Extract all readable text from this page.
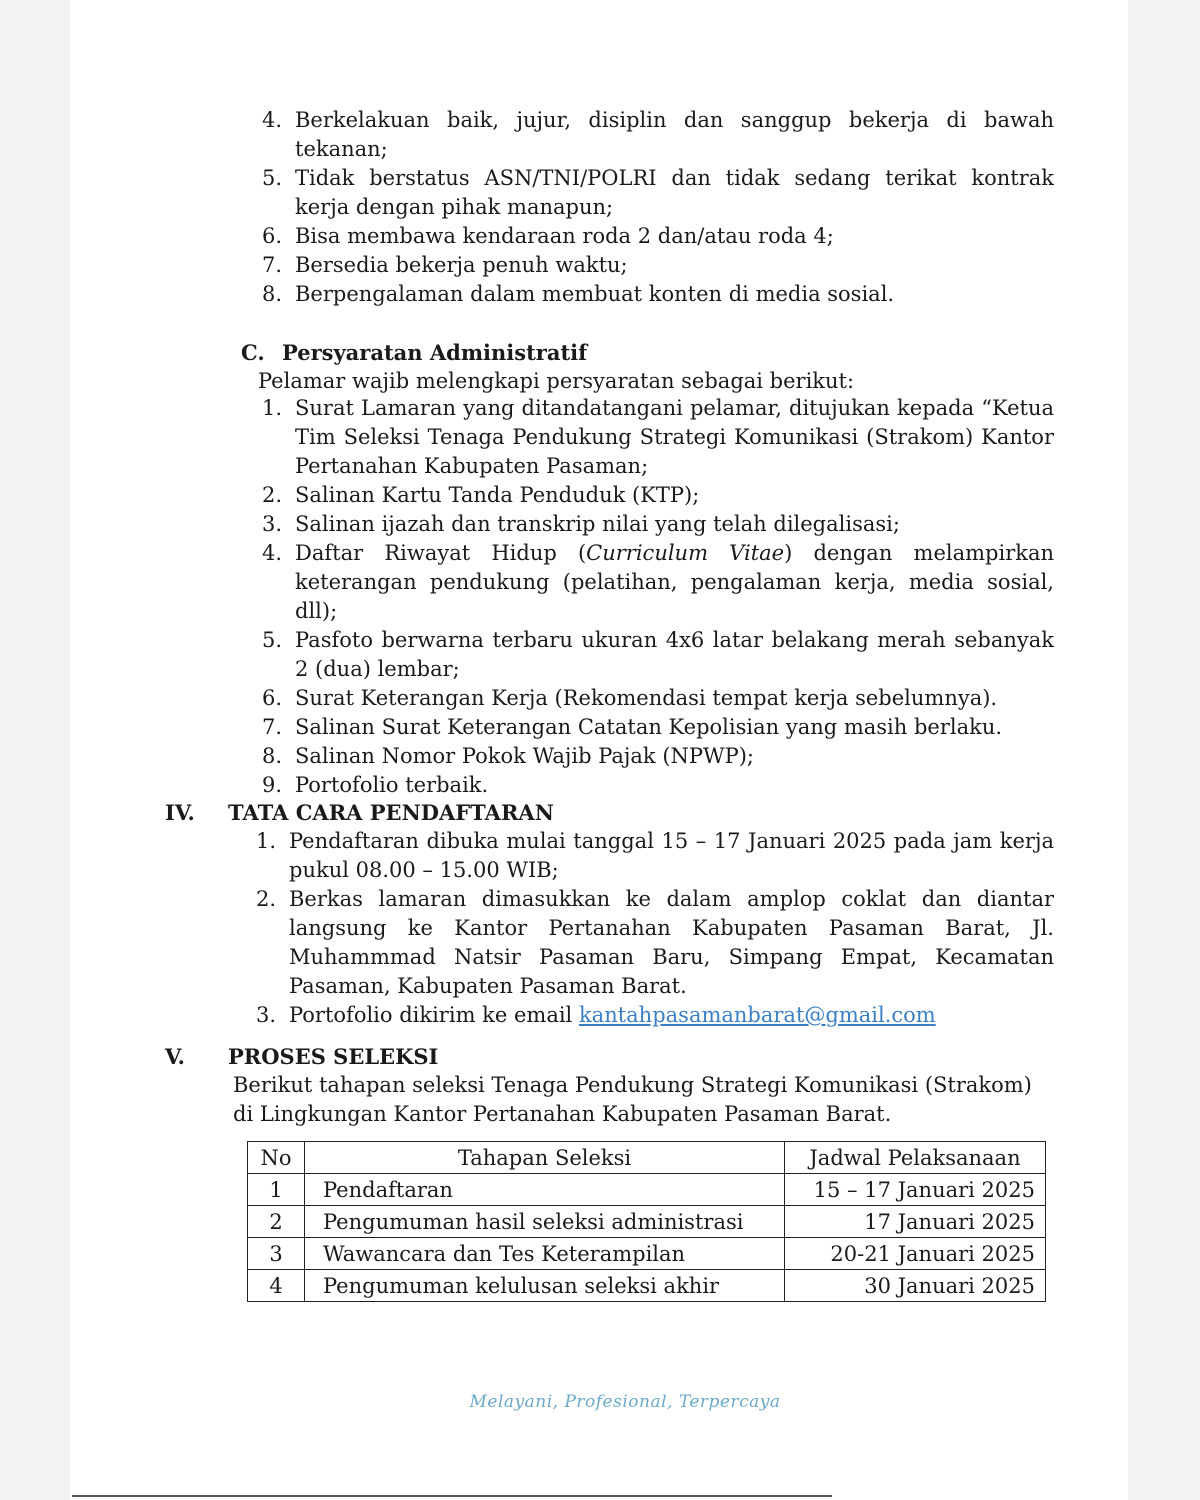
4. Berkelakuan baik, jujur, disiplin dan sanggup bekerja di bawah tekanan;
5. Tidak berstatus ASN/TNI/POLRI dan tidak sedang terikat kontrak kerja dengan pihak manapun;
6. Bisa membawa kendaraan roda 2 dan/atau roda 4;
7. Bersedia bekerja penuh waktu;
8. Berpengalaman dalam membuat konten di media sosial.
C. Persyaratan Administratif
Pelamar wajib melengkapi persyaratan sebagai berikut:
1. Surat Lamaran yang ditandatangani pelamar, ditujukan kepada “Ketua Tim Seleksi Tenaga Pendukung Strategi Komunikasi (Strakom) Kantor Pertanahan Kabupaten Pasaman;
2. Salinan Kartu Tanda Penduduk (KTP);
3. Salinan ijazah dan transkrip nilai yang telah dilegalisasi;
4. Daftar Riwayat Hidup (Curriculum Vitae) dengan melampirkan keterangan pendukung (pelatihan, pengalaman kerja, media sosial, dll);
5. Pasfoto berwarna terbaru ukuran 4x6 latar belakang merah sebanyak 2 (dua) lembar;
6. Surat Keterangan Kerja (Rekomendasi tempat kerja sebelumnya).
7. Salinan Surat Keterangan Catatan Kepolisian yang masih berlaku.
8. Salinan Nomor Pokok Wajib Pajak (NPWP);
9. Portofolio terbaik.
IV. TATA CARA PENDAFTARAN
1. Pendaftaran dibuka mulai tanggal 15 – 17 Januari 2025 pada jam kerja pukul 08.00 – 15.00 WIB;
2. Berkas lamaran dimasukkan ke dalam amplop coklat dan diantar langsung ke Kantor Pertanahan Kabupaten Pasaman Barat, Jl. Muhammmad Natsir Pasaman Baru, Simpang Empat, Kecamatan Pasaman, Kabupaten Pasaman Barat.
3. Portofolio dikirim ke email kantahpasamanbarat@gmail.com
V. PROSES SELEKSI
Berikut tahapan seleksi Tenaga Pendukung Strategi Komunikasi (Strakom) di Lingkungan Kantor Pertanahan Kabupaten Pasaman Barat.
No	Tahapan Seleksi	Jadwal Pelaksanaan
1	Pendaftaran	15 – 17 Januari 2025
2	Pengumuman hasil seleksi administrasi	17 Januari 2025
3	Wawancara dan Tes Keterampilan	20-21 Januari 2025
4	Pengumuman kelulusan seleksi akhir	30 Januari 2025
Melayani, Profesional, Terpercaya
